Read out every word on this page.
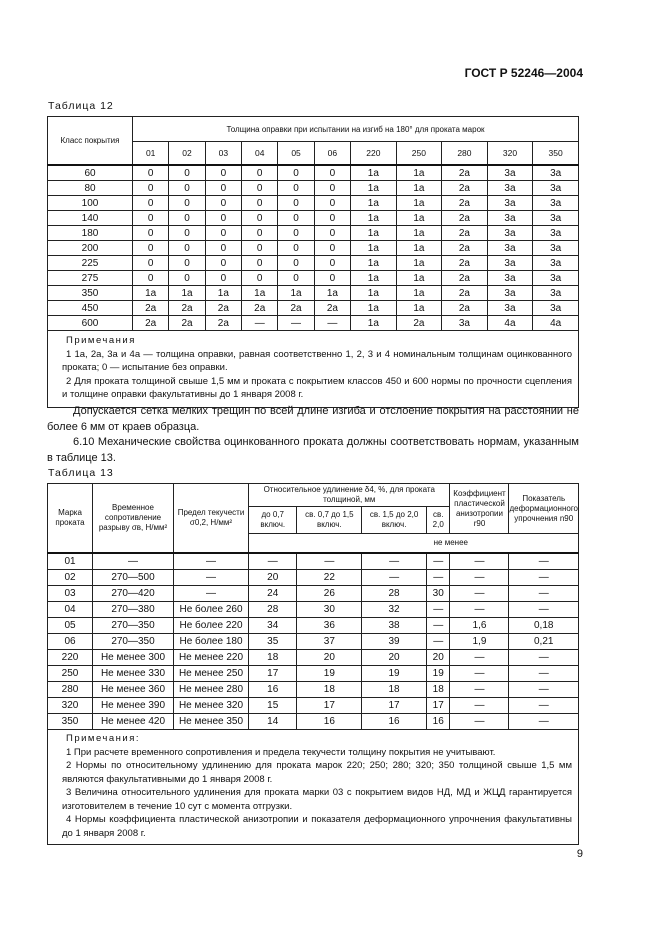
ГОСТ Р 52246—2004
Таблица 12
Класс покрытия	Толщина оправки при испытании на изгиб на 180° для проката марок										
	01	02	03	04	05	06	220	250	280	320	350
60	0	0	0	0	0	0	1а	1а	2а	3а	3а
80	0	0	0	0	0	0	1а	1а	2а	3а	3а
100	0	0	0	0	0	0	1а	1а	2а	3а	3а
140	0	0	0	0	0	0	1а	1а	2а	3а	3а
180	0	0	0	0	0	0	1а	1а	2а	3а	3а
200	0	0	0	0	0	0	1а	1а	2а	3а	3а
225	0	0	0	0	0	0	1а	1а	2а	3а	3а
275	0	0	0	0	0	0	1а	1а	2а	3а	3а
350	1а	1а	1а	1а	1а	1а	1а	1а	2а	3а	3а
450	2а	2а	2а	2а	2а	2а	1а	1а	2а	3а	3а
600	2а	2а	2а	—	—	—	1а	2а	3а	4а	4а

Примечания
1 1а, 2а, 3а и 4а — толщина оправки, равная соответственно 1, 2, 3 и 4 номинальным толщинам оцинкованного проката; 0 — испытание без оправки.
2 Для проката толщиной свыше 1,5 мм и проката с покрытием классов 450 и 600 нормы по прочности сцепления и толщине оправки факультативны до 1 января 2008 г.											

Допускается сетка мелких трещин по всей длине изгиба и отслоение покрытия на расстоянии не более 6 мм от краев образца.

6.10 Механические свойства оцинкованного проката должны соответствовать нормам, указанным в таблице 13.

Таблица 13
Марка проката	Временное сопротивление разрыву σв, Н/мм²	Предел текучести σ0,2, Н/мм²	Относительное удлинение δ4, %, для проката толщиной, мм				Коэффициент пластической анизотропии r90	Показатель деформационного упрочнения n90
			до 0,7 включ.	св. 0,7 до 1,5 включ.	св. 1,5 до 2,0 включ.	св. 2,0		
			не менее					
01	—	—	—	—	—	—	—	—
02	270—500	—	20	22	—	—	—	—
03	270—420	—	24	26	28	30	—	—
04	270—380	Не более 260	28	30	32	—	—	—
05	270—350	Не более 220	34	36	38	—	1,6	0,18
06	270—350	Не более 180	35	37	39	—	1,9	0,21
220	Не менее 300	Не менее 220	18	20	20	20	—	—
250	Не менее 330	Не менее 250	17	19	19	19	—	—
280	Не менее 360	Не менее 280	16	18	18	18	—	—
320	Не менее 390	Не менее 320	15	17	17	17	—	—
350	Не менее 420	Не менее 350	14	16	16	16	—	—

Примечания:
1 При расчете временного сопротивления и предела текучести толщину покрытия не учитывают.
2 Нормы по относительному удлинению для проката марок 220; 250; 280; 320; 350 толщиной свыше 1,5 мм являются факультативными до 1 января 2008 г.
3 Величина относительного удлинения для проката марки 03 с покрытием видов НД, МД и ЖЦД гарантируется изготовителем в течение 10 сут с момента отгрузки.
4 Нормы коэффициента пластической анизотропии и показателя деформационного упрочнения факультативны до 1 января 2008 г.								
9
